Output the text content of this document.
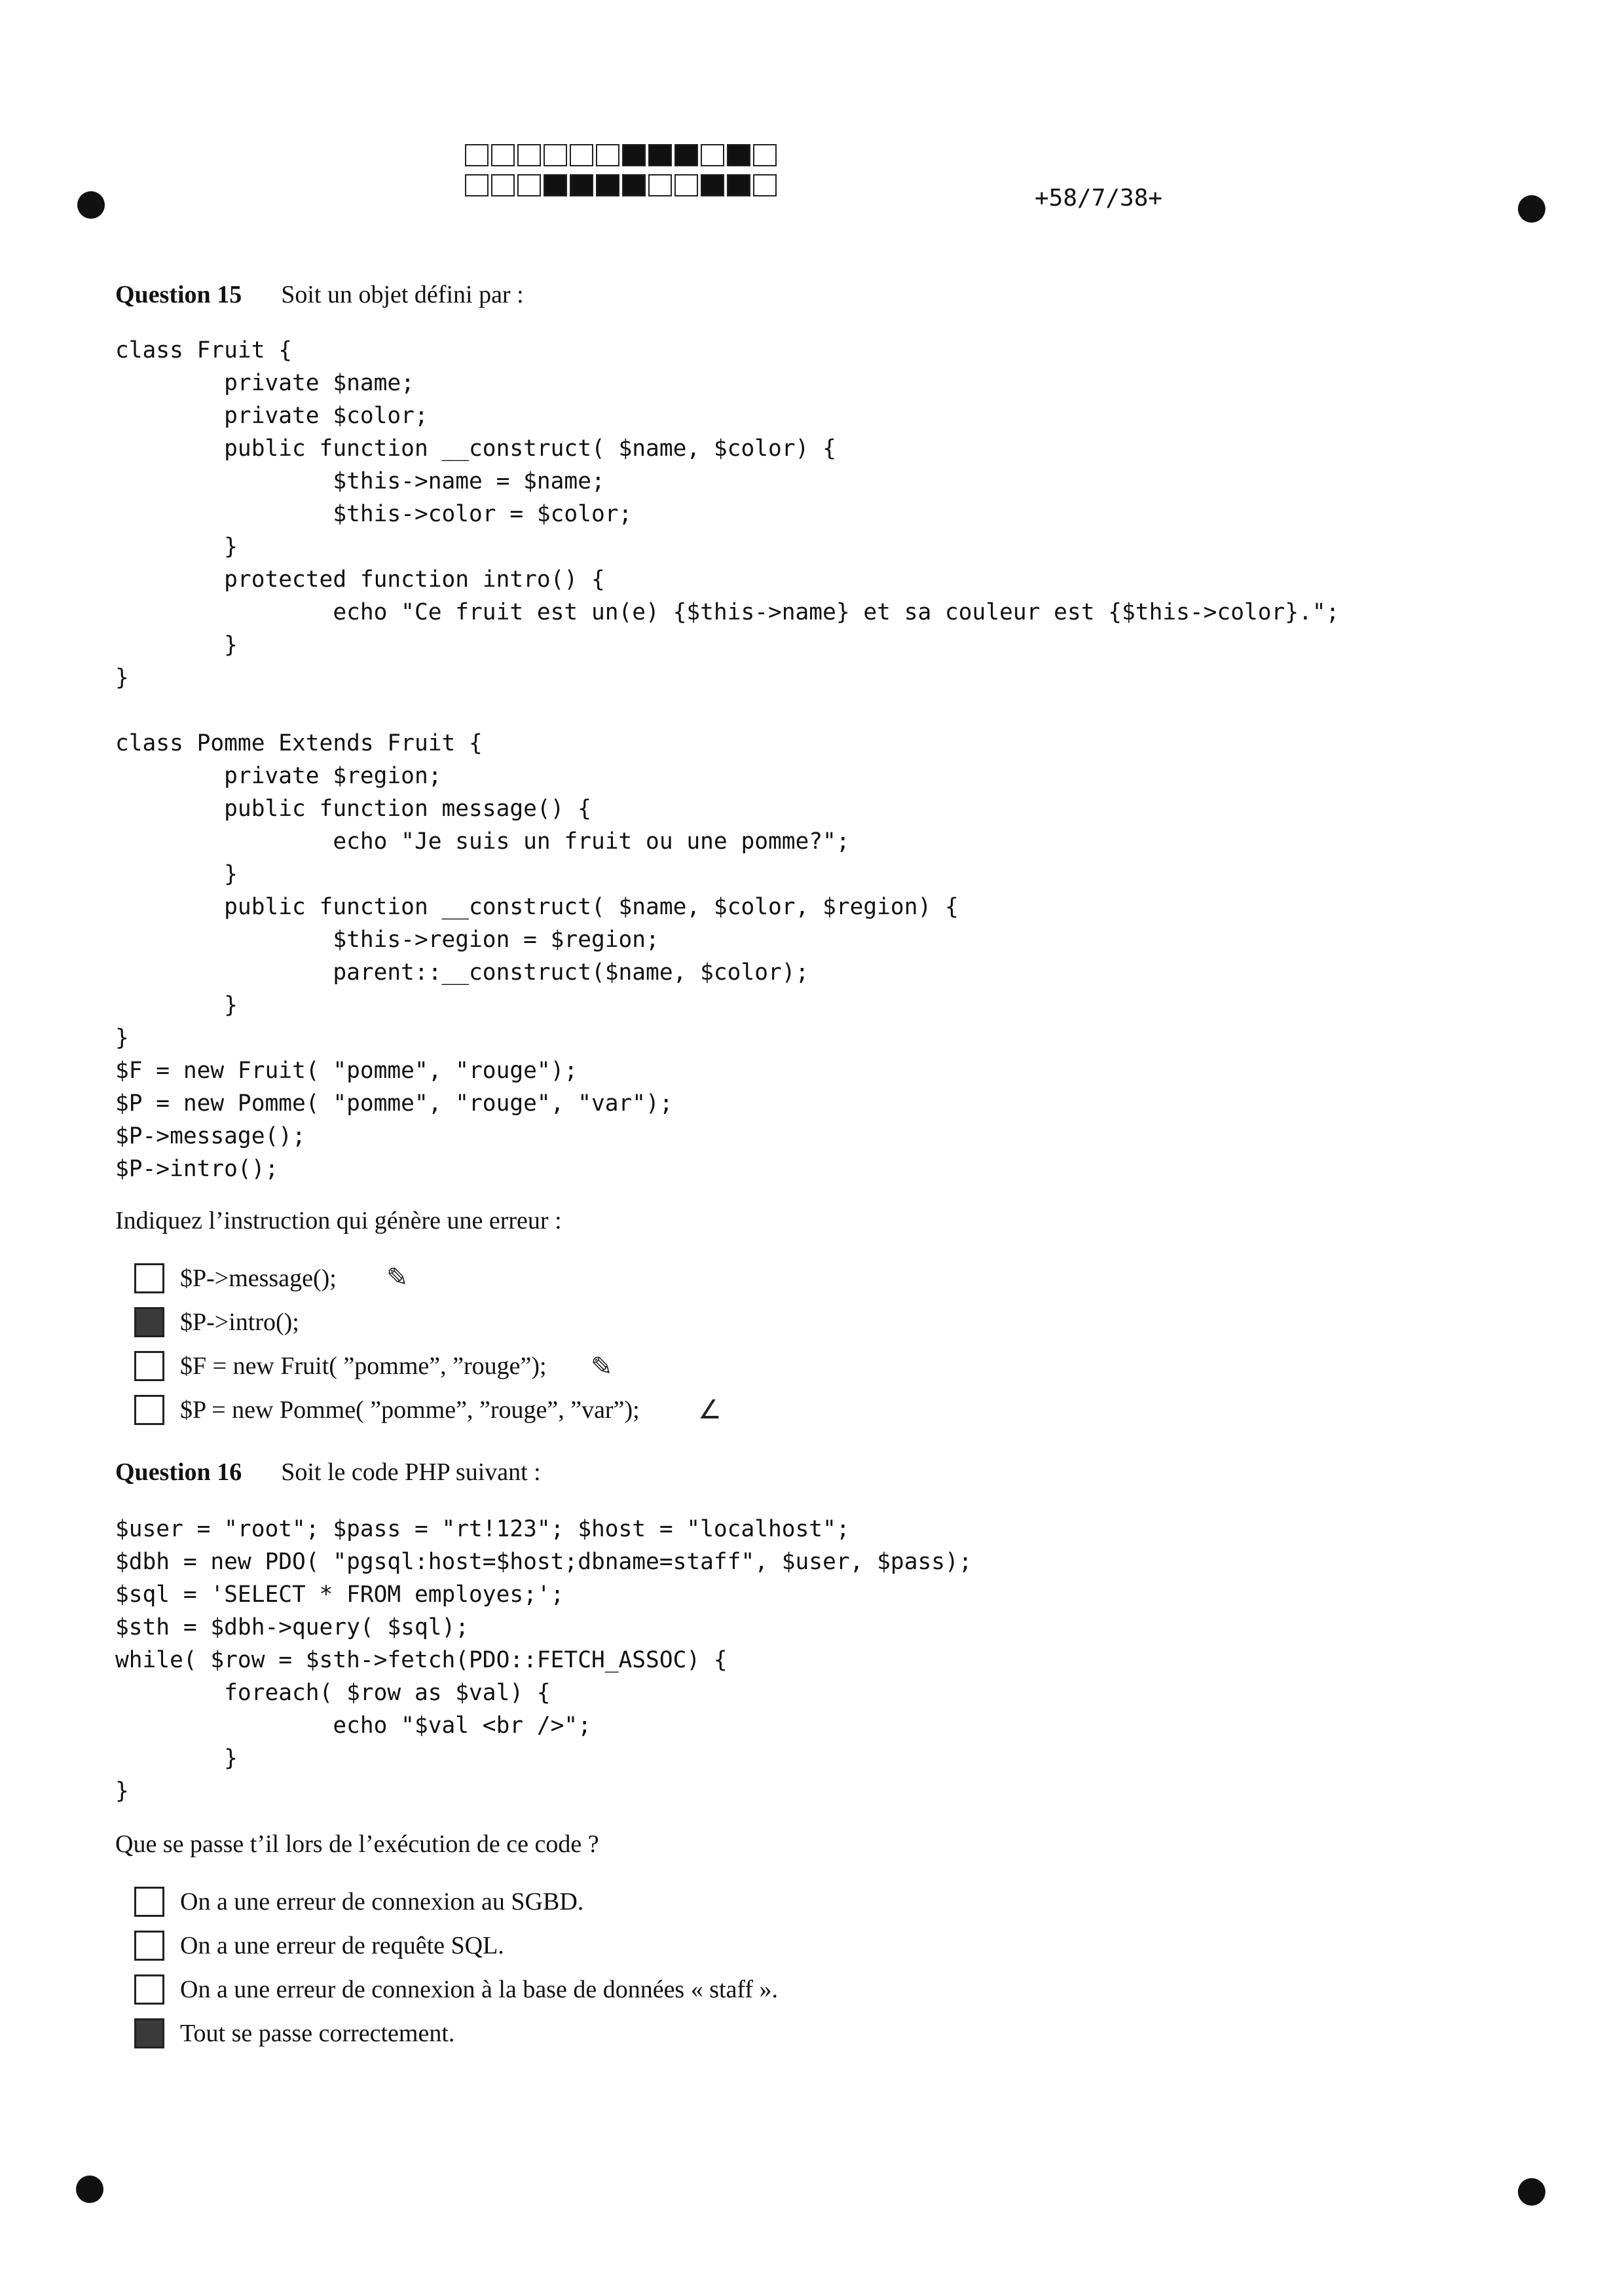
+58/7/38+
Question 15 Soit un objet défini par :
class Fruit {
private $name;
private $color;
public function __construct( $name, $color) {
$this->name = $name;
$this->color = $color;
}
protected function intro() {
echo "Ce fruit est un(e) {$this->name} et sa couleur est {$this->color}.";
}
}

class Pomme Extends Fruit {
private $region;
public function message() {
echo "Je suis un fruit ou une pomme?";
}
public function __construct( $name, $color, $region) {
$this->region = $region;
parent::__construct($name, $color);
}
}
$F = new Fruit( "pomme", "rouge");
$P = new Pomme( "pomme", "rouge", "var");
$P->message();
$P->intro();
Indiquez l’instruction qui génère une erreur :
$P->message();
$P->intro();
$F = new Fruit( ”pomme”, ”rouge”);
$P = new Pomme( ”pomme”, ”rouge”, ”var”);
✎
✎
∠
Question 16 Soit le code PHP suivant :
$user = "root"; $pass = "rt!123"; $host = "localhost";
$dbh = new PDO( "pgsql:host=$host;dbname=staff", $user, $pass);
$sql = 'SELECT * FROM employes;';
$sth = $dbh->query( $sql);
while( $row = $sth->fetch(PDO::FETCH_ASSOC) {
foreach( $row as $val) {
echo "$val <br />";
}
}
Que se passe t’il lors de l’exécution de ce code ?
On a une erreur de connexion au SGBD.
On a une erreur de requête SQL.
On a une erreur de connexion à la base de données « staff ».
Tout se passe correctement.
